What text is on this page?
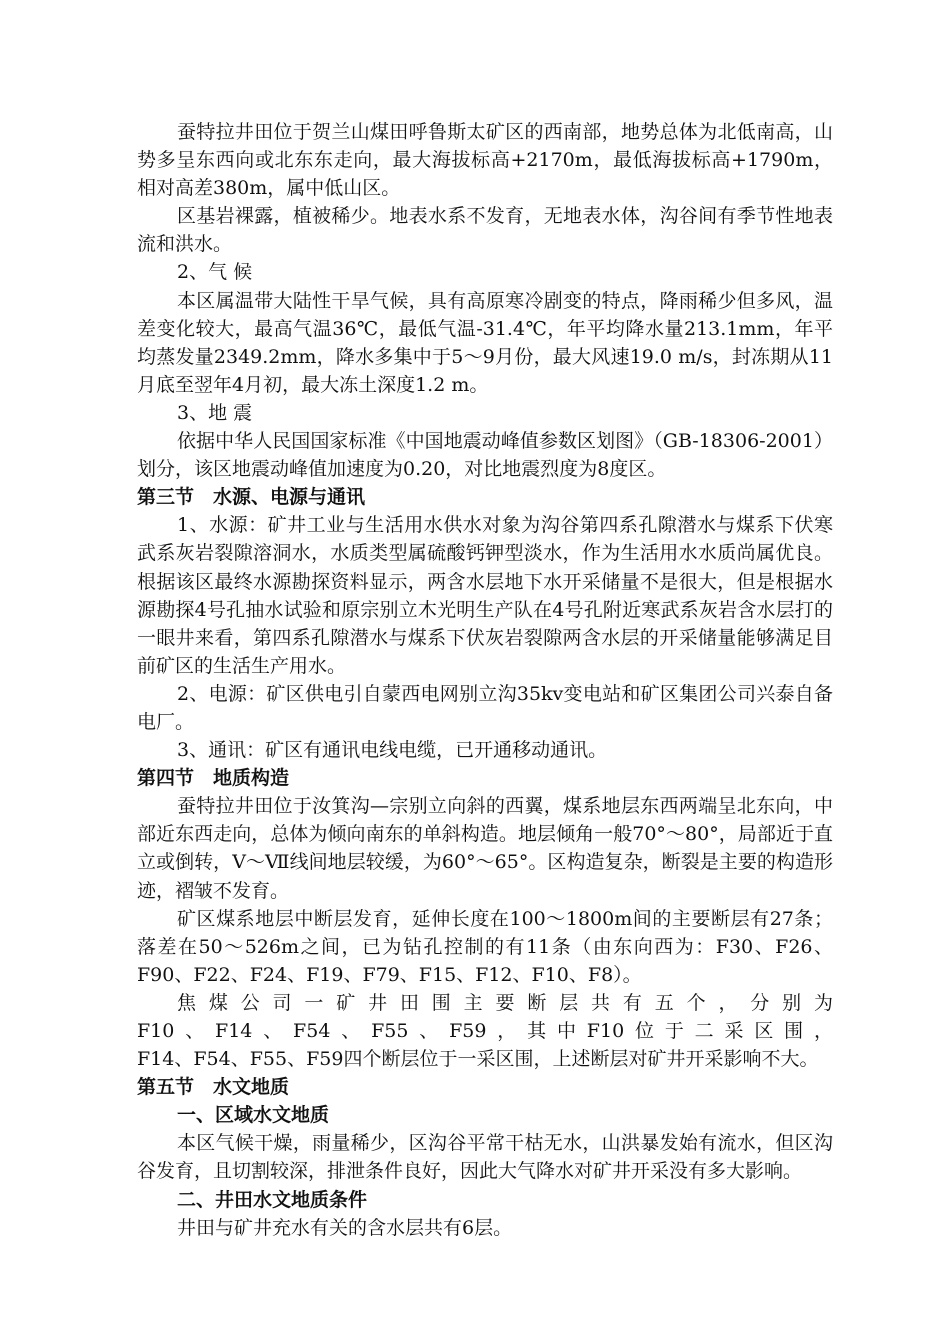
蚕特拉井田位于贺兰山煤田呼鲁斯太矿区的西南部，地势总体为北低南高，山势多呈东西向或北东东走向，最大海拔标高+2170m，最低海拔标高+1790m，相对高差380m，属中低山区。

区基岩裸露，植被稀少。地表水系不发育，无地表水体，沟谷间有季节性地表流和洪水。

2、气 候

本区属温带大陆性干旱气候，具有高原寒冷剧变的特点，降雨稀少但多风，温差变化较大，最高气温36℃，最低气温-31.4℃，年平均降水量213.1mm，年平均蒸发量2349.2mm，降水多集中于5～9月份，最大风速19.0 m/s，封冻期从11月底至翌年4月初，最大冻土深度1.2 m。

3、地 震

依据中华人民国国家标准《中国地震动峰值参数区划图》（GB-18306-2001）划分，该区地震动峰值加速度为0.20，对比地震烈度为8度区。

第三节　水源、电源与通讯

1、水源：矿井工业与生活用水供水对象为沟谷第四系孔隙潜水与煤系下伏寒武系灰岩裂隙溶洞水，水质类型属硫酸钙钾型淡水，作为生活用水水质尚属优良。根据该区最终水源勘探资料显示，两含水层地下水开采储量不是很大，但是根据水源勘探4号孔抽水试验和原宗别立木光明生产队在4号孔附近寒武系灰岩含水层打的一眼井来看，第四系孔隙潜水与煤系下伏灰岩裂隙两含水层的开采储量能够满足目前矿区的生活生产用水。

2、电源：矿区供电引自蒙西电网别立沟35kv变电站和矿区集团公司兴泰自备电厂。

3、通讯：矿区有通讯电线电缆，已开通移动通讯。

第四节　地质构造

蚕特拉井田位于汝箕沟—宗别立向斜的西翼，煤系地层东西两端呈北东向，中部近东西走向，总体为倾向南东的单斜构造。地层倾角一般70°～80°，局部近于直立或倒转，Ⅴ～Ⅶ线间地层较缓，为60°～65°。区构造复杂，断裂是主要的构造形迹，褶皱不发育。

矿区煤系地层中断层发育，延伸长度在100～1800m间的主要断层有27条；落差在50～526m之间，已为钻孔控制的有11条（由东向西为：F30、F26、F90、F22、F24、F19、F79、F15、F12、F10、F8）。

焦煤公司一矿井田围主要断层共有五个，分别为

F10、F14、F54、F55、F59，其中F10位于二采区围，

F14、F54、F55、F59四个断层位于一采区围，上述断层对矿井开采影响不大。

第五节　水文地质

一、区域水文地质

本区气候干燥，雨量稀少，区沟谷平常干枯无水，山洪暴发始有流水，但区沟谷发育，且切割较深，排泄条件良好，因此大气降水对矿井开采没有多大影响。

二、井田水文地质条件

井田与矿井充水有关的含水层共有6层。
